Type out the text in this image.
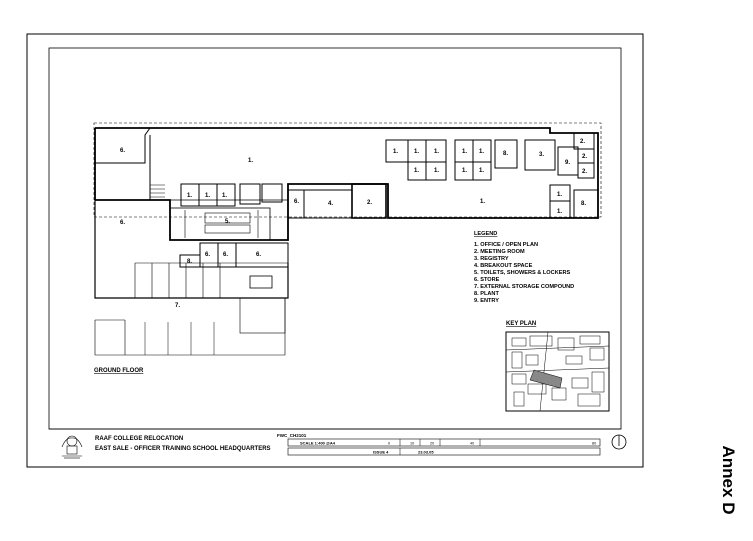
6.
1.
6.
7.
1. 1. 1.
6.	4.	2.
5.
8.
6. 6.	6.
1.	1. 1.
1. 1.
1. 1.
1. 1.
8.	3.
9.
2.
2.
2.
1.
1.
1.
8.
GROUND FLOOR
LEGEND
1. OFFICE / OPEN PLAN
2. MEETING ROOM
3. REGISTRY
4. BREAKOUT SPACE
5. TOILETS, SHOWERS & LOCKERS
6. STORE
7. EXTERNAL STORAGE COMPOUND
8. PLANT
9. ENTRY
KEY PLAN
RAAF COLLEGE RELOCATION
EAST SALE - OFFICER TRAINING SCHOOL HEADQUARTERS
FWC_CH2101
SCALE 1:400 @A4	0	10	20	40	80
ISSUE 4	23.03.05	Annex D
